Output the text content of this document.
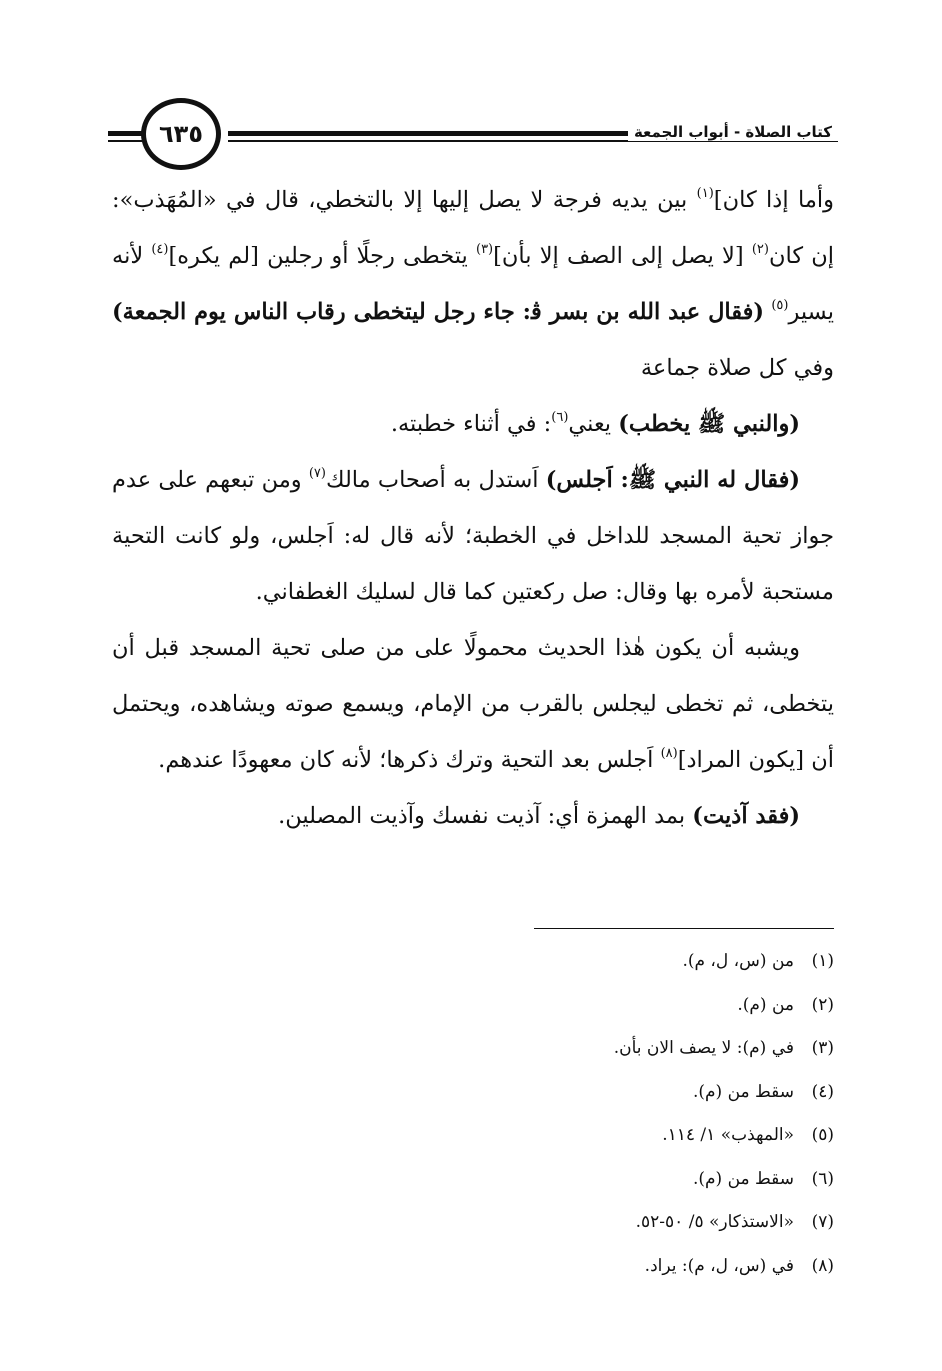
كتاب الصلاة - أبواب الجمعة
٦٣٥

وأما إذا كان]$^{(١)}$ بين يديه فرجة لا يصل إليها إلا بالتخطي، قال في «المُهَذب»: إن كان$^{(٢)}$ [لا يصل إلى الصف إلا بأن]$^{(٣)}$ يتخطى رجلًا أو رجلين [لم يكره]$^{(٤)}$ لأنه يسير$^{(٥)}$ (فقال عبد الله بن بسر ﭬ: جاء رجل ليتخطى رقاب الناس يوم الجمعة) وفي كل صلاة جماعة

(والنبي ﷺ يخطب) يعني$^{(٦)}$: في أثناء خطبته.

(فقال له النبي ﷺ: اَجلس) اَستدل به أصحاب مالك$^{(٧)}$ ومن تبعهم على عدم جواز تحية المسجد للداخل في الخطبة؛ لأنه قال له: اَجلس، ولو كانت التحية مستحبة لأمره بها وقال: صل ركعتين كما قال لسليك الغطفاني.

ويشبه أن يكون هٰذا الحديث محمولًا على من صلى تحية المسجد قبل أن يتخطى، ثم تخطى ليجلس بالقرب من الإمام، ويسمع صوته ويشاهده، ويحتمل أن [يكون المراد]$^{(٨)}$ اَجلس بعد التحية وترك ذكرها؛ لأنه كان معهودًا عندهم.

(فقد آذيت) بمد الهمزة أي: آذيت نفسك وآذيت المصلين.

(١)من (س، ل، م).
(٢)من (م).
(٣)في (م): لا يصف الان بأن.
(٤)سقط من (م).
(٥)«المهذب» ١/ ١١٤.
(٦)سقط من (م).
(٧)«الاستذكار» ٥/ ٥٠-٥٢.
(٨)في (س، ل، م): يراد.
